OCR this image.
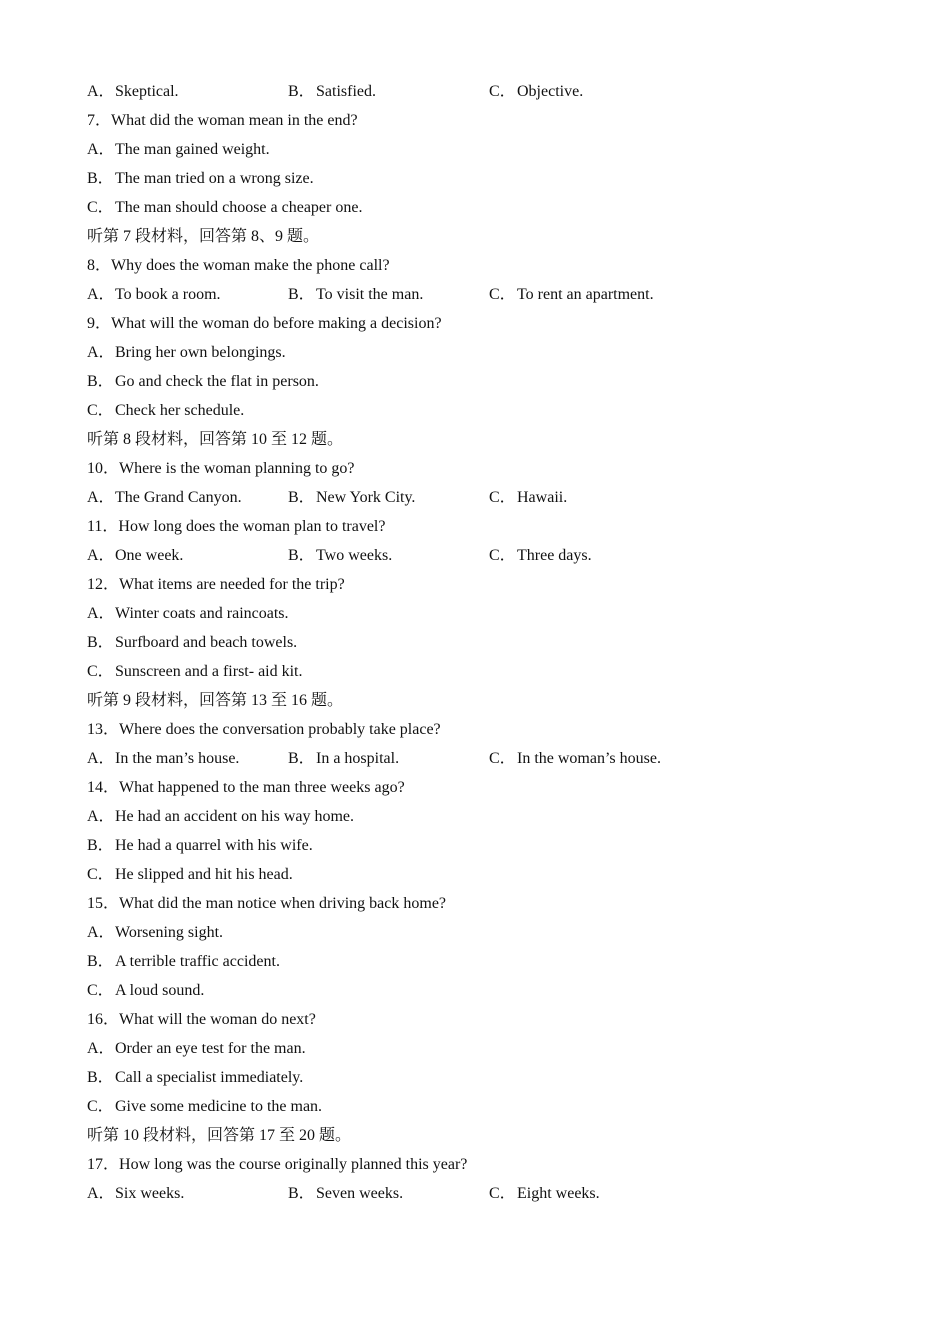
A．Skeptical.	B．Satisfied.	C．Objective.
7．What did the woman mean in the end?
A．The man gained weight.
B．The man tried on a wrong size.
C．The man should choose a cheaper one.
听第 7 段材料，回答第 8、9 题。
8．Why does the woman make the phone call?
A．To book a room.	B．To visit the man.	C．To rent an apartment.
9．What will the woman do before making a decision?
A．Bring her own belongings.
B．Go and check the flat in person.
C．Check her schedule.
听第 8 段材料，回答第 10 至 12 题。
10．Where is the woman planning to go?
A．The Grand Canyon.	B．New York City.	C．Hawaii.
11．How long does the woman plan to travel?
A．One week.	B．Two weeks.	C．Three days.
12．What items are needed for the trip?
A．Winter coats and raincoats.
B．Surfboard and beach towels.
C．Sunscreen and a first- aid kit.
听第 9 段材料，回答第 13 至 16 题。
13．Where does the conversation probably take place?
A．In the man’s house.	B．In a hospital.	C．In the woman’s house.
14．What happened to the man three weeks ago?
A．He had an accident on his way home.
B．He had a quarrel with his wife.
C．He slipped and hit his head.
15．What did the man notice when driving back home?
A．Worsening sight.
B．A terrible traffic accident.
C．A loud sound.
16．What will the woman do next?
A．Order an eye test for the man.
B．Call a specialist immediately.
C．Give some medicine to the man.
听第 10 段材料，回答第 17 至 20 题。
17．How long was the course originally planned this year?
A．Six weeks.	B．Seven weeks.	C．Eight weeks.
